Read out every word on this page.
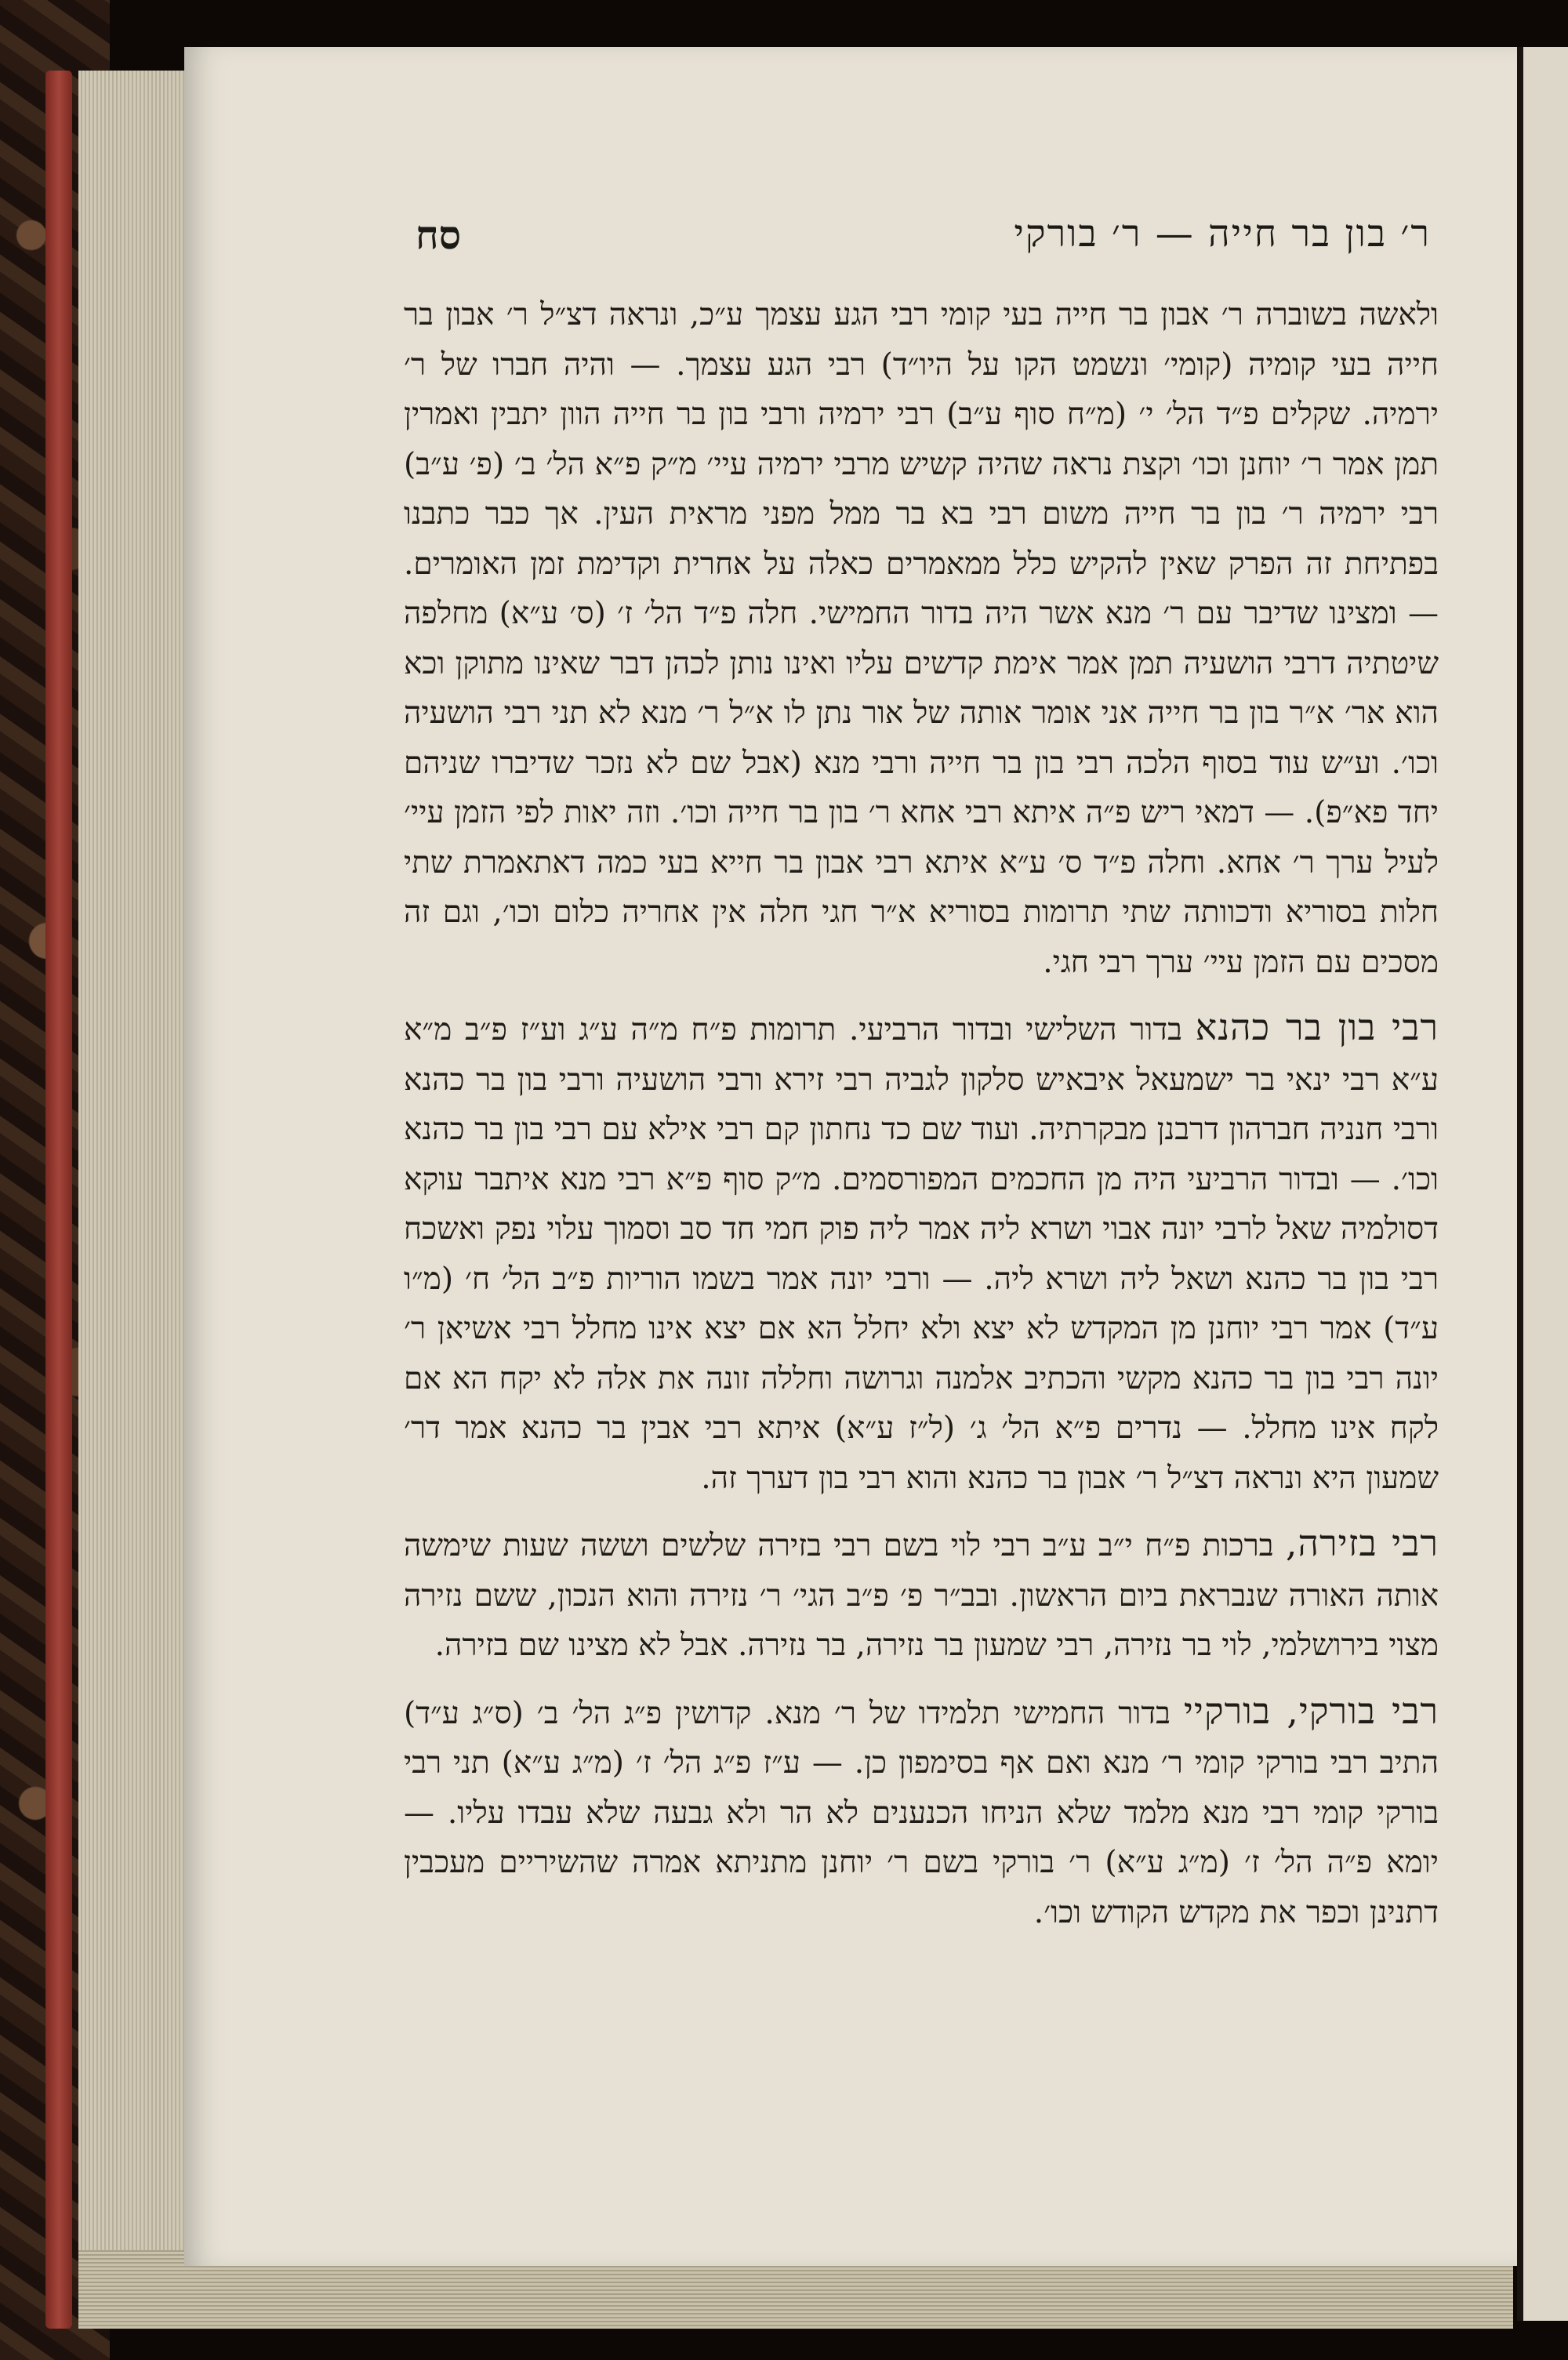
ר׳ בון בר חייה — ר׳ בורקי
סח

ולאשה בשוברה ר׳ אבון בר חייה בעי קומי רבי הגע עצמך ע״כ, ונראה דצ״ל ר׳ אבון בר חייה בעי קומיה (קומי׳ ונשמט הקו על היו״ד) רבי הגע עצמך. — והיה חברו של ר׳ ירמיה. שקלים פ״ד הל׳ י׳ (מ״ח סוף ע״ב) רבי ירמיה ורבי בון בר חייה הוון יתבין ואמרין תמן אמר ר׳ יוחנן וכו׳ וקצת נראה שהיה קשיש מרבי ירמיה עיי׳ מ״ק פ״א הל׳ ב׳ (פ׳ ע״ב) רבי ירמיה ר׳ בון בר חייה משום רבי בא בר ממל מפני מראית העין. אך כבר כתבנו בפתיחת זה הפרק שאין להקיש כלל ממאמרים כאלה על אחרית וקדימת זמן האומרים. — ומצינו שדיבר עם ר׳ מנא אשר היה בדור החמישי. חלה פ״ד הל׳ ז׳ (ס׳ ע״א) מחלפה שיטתיה דרבי הושעיה תמן אמר אימת קדשים עליו ואינו נותן לכהן דבר שאינו מתוקן וכא הוא אר׳ א״ר בון בר חייה אני אומר אותה של אור נתן לו א״ל ר׳ מנא לא תני רבי הושעיה וכו׳. וע״ש עוד בסוף הלכה רבי בון בר חייה ורבי מנא (אבל שם לא נזכר שדיברו שניהם יחד פא״פ). — דמאי ריש פ״ה איתא רבי אחא ר׳ בון בר חייה וכו׳. וזה יאות לפי הזמן עיי׳ לעיל ערך ר׳ אחא. וחלה פ״ד ס׳ ע״א איתא רבי אבון בר חייא בעי כמה דאתאמרת שתי חלות בסוריא ודכוותה שתי תרומות בסוריא א״ר חגי חלה אין אחריה כלום וכו׳, וגם זה מסכים עם הזמן עיי׳ ערך רבי חגי.

רבי בון בר כהנא בדור השלישי ובדור הרביעי. תרומות פ״ח מ״ה ע״ג וע״ז פ״ב מ״א ע״א רבי ינאי בר ישמעאל איבאיש סלקון לגביה רבי זירא ורבי הושעיה ורבי בון בר כהנא ורבי חנניה חברהון דרבנן מבקרתיה. ועוד שם כד נחתון קם רבי אילא עם רבי בון בר כהנא וכו׳. — ובדור הרביעי היה מן החכמים המפורסמים. מ״ק סוף פ״א רבי מנא איתבר עוקא דסולמיה שאל לרבי יונה אבוי ושרא ליה אמר ליה פוק חמי חד סב וסמוך עלוי נפק ואשכח רבי בון בר כהנא ושאל ליה ושרא ליה. — ורבי יונה אמר בשמו הוריות פ״ב הל׳ ח׳ (מ״ו ע״ד) אמר רבי יוחנן מן המקדש לא יצא ולא יחלל הא אם יצא אינו מחלל רבי אשיאן ר׳ יונה רבי בון בר כהנא מקשי והכתיב אלמנה וגרושה וחללה זונה את אלה לא יקח הא אם לקח אינו מחלל. — נדרים פ״א הל׳ ג׳ (ל״ז ע״א) איתא רבי אבין בר כהנא אמר דר׳ שמעון היא ונראה דצ״ל ר׳ אבון בר כהנא והוא רבי בון דערך זה.

רבי בזירה, ברכות פ״ח י״ב ע״ב רבי לוי בשם רבי בזירה שלשים וששה שעות שימשה אותה האורה שנבראת ביום הראשון. ובב״ר פ׳ פ״ב הגי׳ ר׳ נזירה והוא הנכון, ששם נזירה מצוי בירושלמי, לוי בר נזירה, רבי שמעון בר נזירה, בר נזירה. אבל לא מצינו שם בזירה.

רבי בורקי, בורקיי בדור החמישי תלמידו של ר׳ מנא. קדושין פ״ג הל׳ ב׳ (ס״ג ע״ד) התיב רבי בורקי קומי ר׳ מנא ואם אף בסימפון כן. — ע״ז פ״ג הל׳ ז׳ (מ״ג ע״א) תני רבי בורקי קומי רבי מנא מלמד שלא הניחו הכנענים לא הר ולא גבעה שלא עבדו עליו. — יומא פ״ה הל׳ ז׳ (מ״ג ע״א) ר׳ בורקי בשם ר׳ יוחנן מתניתא אמרה שהשיריים מעכבין דתנינן וכפר את מקדש הקודש וכו׳.
